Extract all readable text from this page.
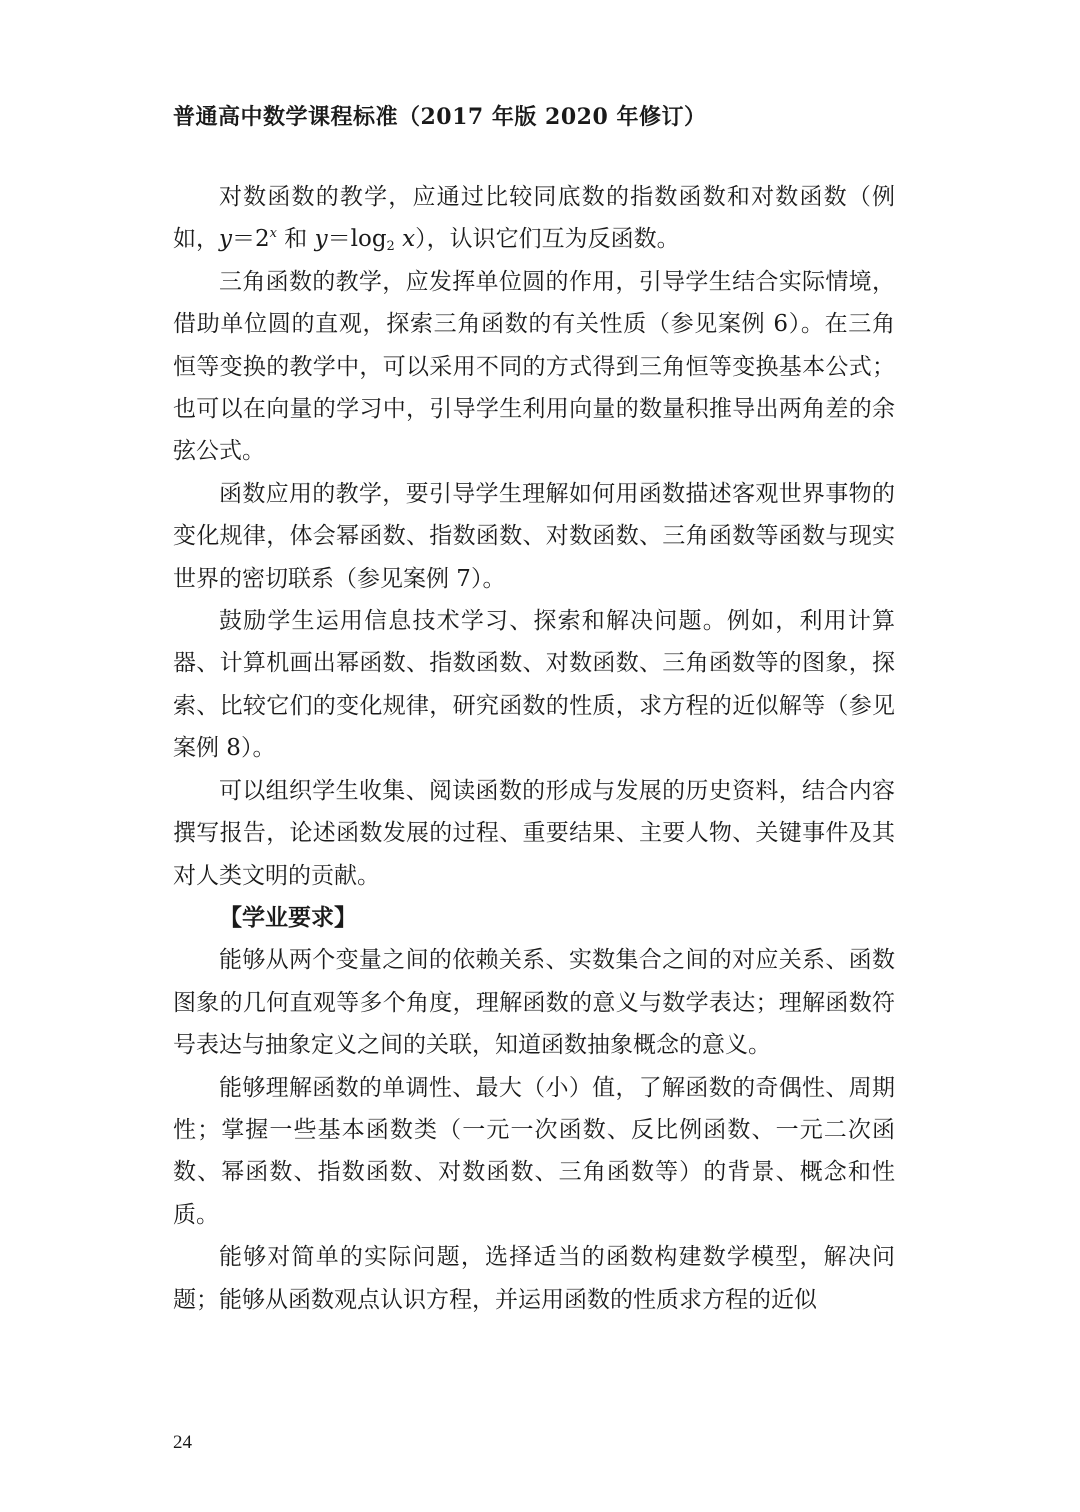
普通高中数学课程标准（2017 年版 2020 年修订）

对数函数的教学，应通过比较同底数的指数函数和对数函数（例如，$y=2^x$ 和 $y=\log_2$ x），认识它们互为反函数。

三角函数的教学，应发挥单位圆的作用，引导学生结合实际情境，借助单位圆的直观，探索三角函数的有关性质（参见案例 6）。在三角恒等变换的教学中，可以采用不同的方式得到三角恒等变换基本公式；也可以在向量的学习中，引导学生利用向量的数量积推导出两角差的余弦公式。

函数应用的教学，要引导学生理解如何用函数描述客观世界事物的变化规律，体会幂函数、指数函数、对数函数、三角函数等函数与现实世界的密切联系（参见案例 7）。

鼓励学生运用信息技术学习、探索和解决问题。例如，利用计算器、计算机画出幂函数、指数函数、对数函数、三角函数等的图象，探索、比较它们的变化规律，研究函数的性质，求方程的近似解等（参见案例 8）。

可以组织学生收集、阅读函数的形成与发展的历史资料，结合内容撰写报告，论述函数发展的过程、重要结果、主要人物、关键事件及其对人类文明的贡献。

【学业要求】

能够从两个变量之间的依赖关系、实数集合之间的对应关系、函数图象的几何直观等多个角度，理解函数的意义与数学表达；理解函数符号表达与抽象定义之间的关联，知道函数抽象概念的意义。

能够理解函数的单调性、最大（小）值，了解函数的奇偶性、周期性；掌握一些基本函数类（一元一次函数、反比例函数、一元二次函数、幂函数、指数函数、对数函数、三角函数等）的背景、概念和性质。

能够对简单的实际问题，选择适当的函数构建数学模型，解决问题；能够从函数观点认识方程，并运用函数的性质求方程的近似

24
